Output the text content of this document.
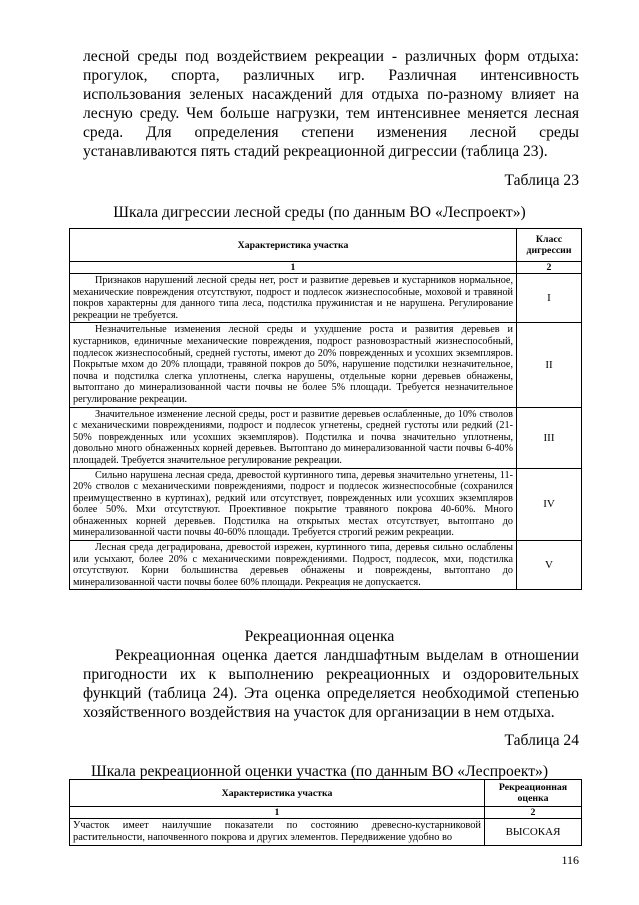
лесной среды под воздействием рекреации - различных форм отдыха: прогулок, спорта, различных игр. Различная интенсивность использования зеленых насаждений для отдыха по-разному влияет на лесную среду. Чем больше нагрузки, тем интенсивнее меняется лесная среда. Для определения степени изменения лесной среды устанавливаются пять стадий рекреационной дигрессии (таблица 23).

Таблица 23
Шкала дигрессии лесной среды (по данным ВО «Леспроект»)
Характеристика участка	Класс дигрессии
1	2
Признаков нарушений лесной среды нет, рост и развитие деревьев и кустарников нормальное, механические повреждения отсутствуют, подрост и подлесок жизнеспособные, моховой и травяной покров характерны для данного типа леса, подстилка пружинистая и не нарушена. Регулирование рекреации не требуется.	I
Незначительные изменения лесной среды и ухудшение роста и развития деревьев и кустарников, единичные механические повреждения, подрост разновозрастный жизнеспособный, подлесок жизнеспособный, средней густоты, имеют до 20% поврежденных и усохших экземпляров. Покрытые мхом до 20% площади, травяной покров до 50%, нарушение подстилки незначительное, почва и подстилка слегка уплотнены, слегка нарушены, отдельные корни деревьев обнажены, вытоптано до минерализованной части почвы не более 5% площади. Требуется незначительное регулирование рекреации.	II
Значительное изменение лесной среды, рост и развитие деревьев ослабленные, до 10% стволов с механическими повреждениями, подрост и подлесок угнетены, средней густоты или редкий (21-50% поврежденных или усохших экземпляров). Подстилка и почва значительно уплотнены, довольно много обнаженных корней деревьев. Вытоптано до минерализованной части почвы 6-40% площадей. Требуется значительное регулирование рекреации.	III
Сильно нарушена лесная среда, древостой куртинного типа, деревья значительно угнетены, 11-20% стволов с механическими повреждениями, подрост и подлесок жизнеспособные (сохранился преимущественно в куртинах), редкий или отсутствует, поврежденных или усохших экземпляров более 50%. Мхи отсутствуют. Проективное покрытие травяного покрова 40-60%. Много обнаженных корней деревьев. Подстилка на открытых местах отсутствует, вытоптано до минерализованной части почвы 40-60% площади. Требуется строгий режим рекреации.	IV
Лесная среда деградирована, древостой изрежен, куртинного типа, деревья сильно ослаблены или усыхают, более 20% с механическими повреждениями. Подрост, подлесок, мхи, подстилка отсутствуют. Корни большинства деревьев обнажены и повреждены, вытоптано до минерализованной части почвы более 60% площади. Рекреация не допускается.	V
Рекреационная оценка

Рекреационная оценка дается ландшафтным выделам в отношении пригодности их к выполнению рекреационных и оздоровительных функций (таблица 24). Эта оценка определяется необходимой степенью хозяйственного воздействия на участок для организации в нем отдыха.

Таблица 24
Шкала рекреационной оценки участка (по данным ВО «Леспроект»)
Характеристика участка	Рекреационная оценка
1	2
Участок имеет наилучшие показатели по состоянию древесно-кустарниковой растительности, напочвенного покрова и других элементов. Передвижение удобно во	ВЫСОКАЯ
116
